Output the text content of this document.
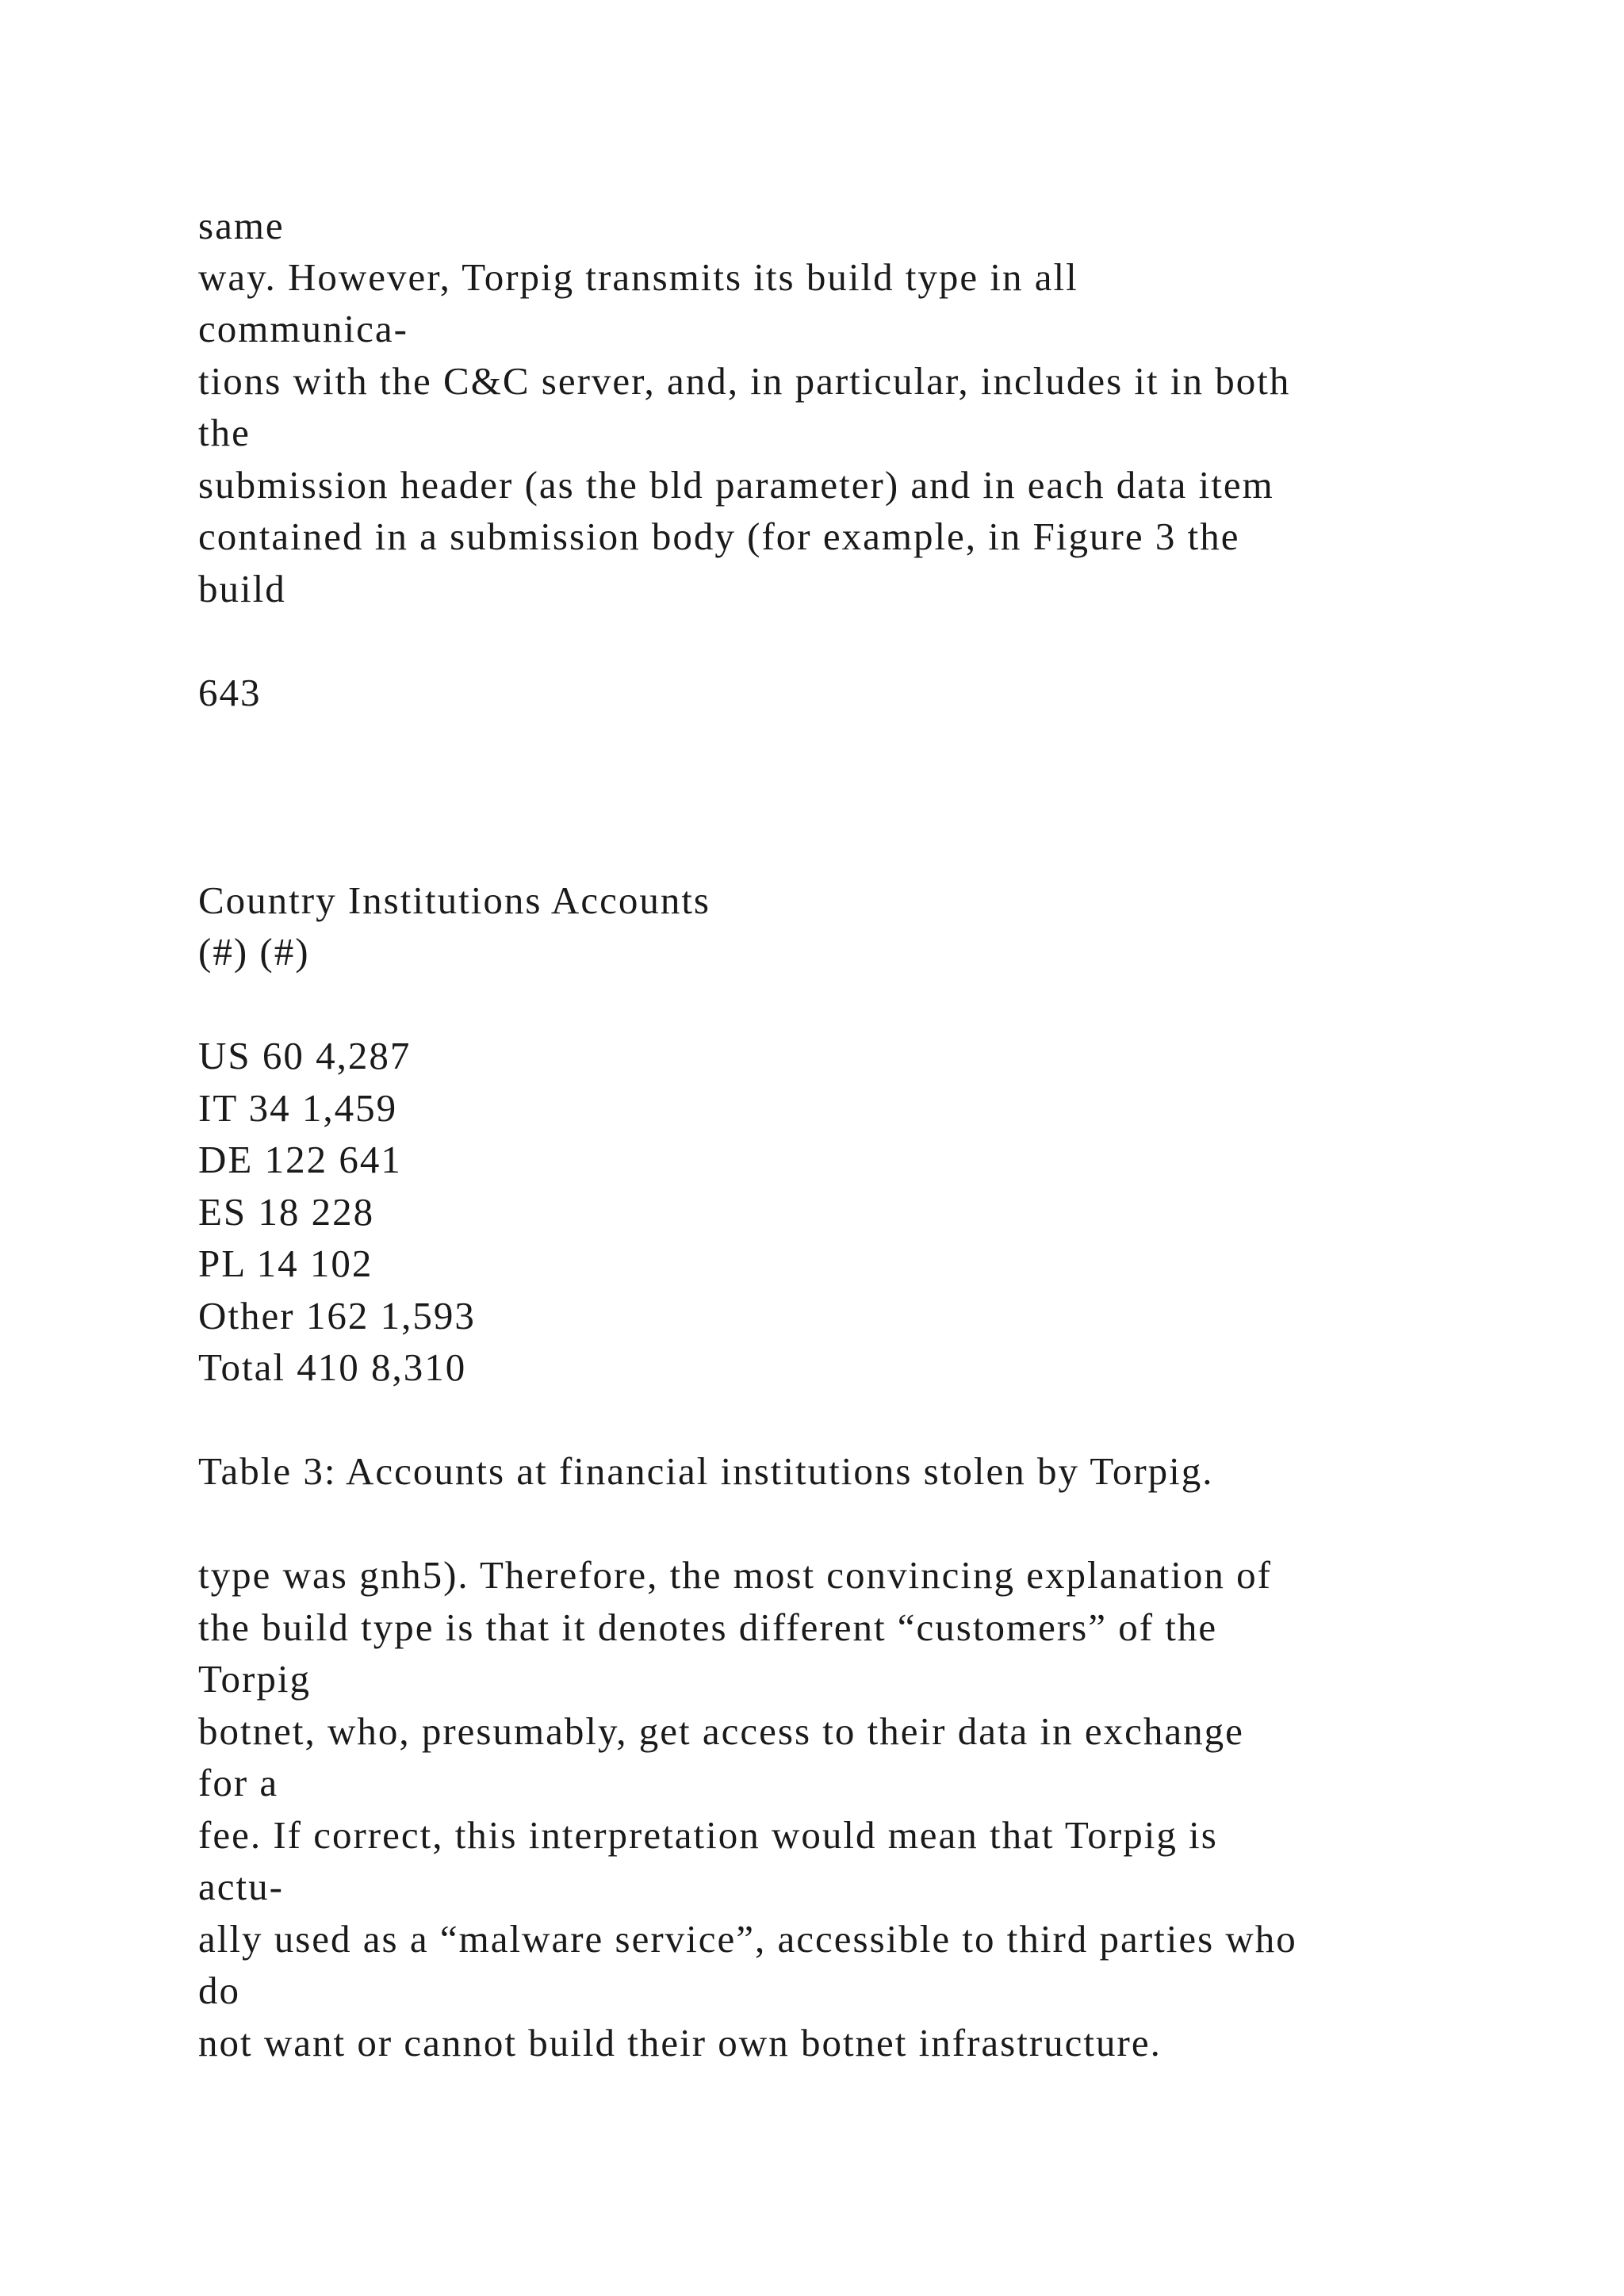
same

way. However, Torpig transmits its build type in all

communica-

tions with the C&C server, and, in particular, includes it in both

the

submission header (as the bld parameter) and in each data item

contained in a submission body (for example, in Figure 3 the

build

643

Country Institutions Accounts

(#) (#)

US 60 4,287

IT 34 1,459

DE 122 641

ES 18 228

PL 14 102

Other 162 1,593

Total 410 8,310

Table 3: Accounts at financial institutions stolen by Torpig.

type was gnh5). Therefore, the most convincing explanation of

the build type is that it denotes different “customers” of the

Torpig

botnet, who, presumably, get access to their data in exchange

for a

fee. If correct, this interpretation would mean that Torpig is

actu-

ally used as a “malware service”, accessible to third parties who

do

not want or cannot build their own botnet infrastructure.
